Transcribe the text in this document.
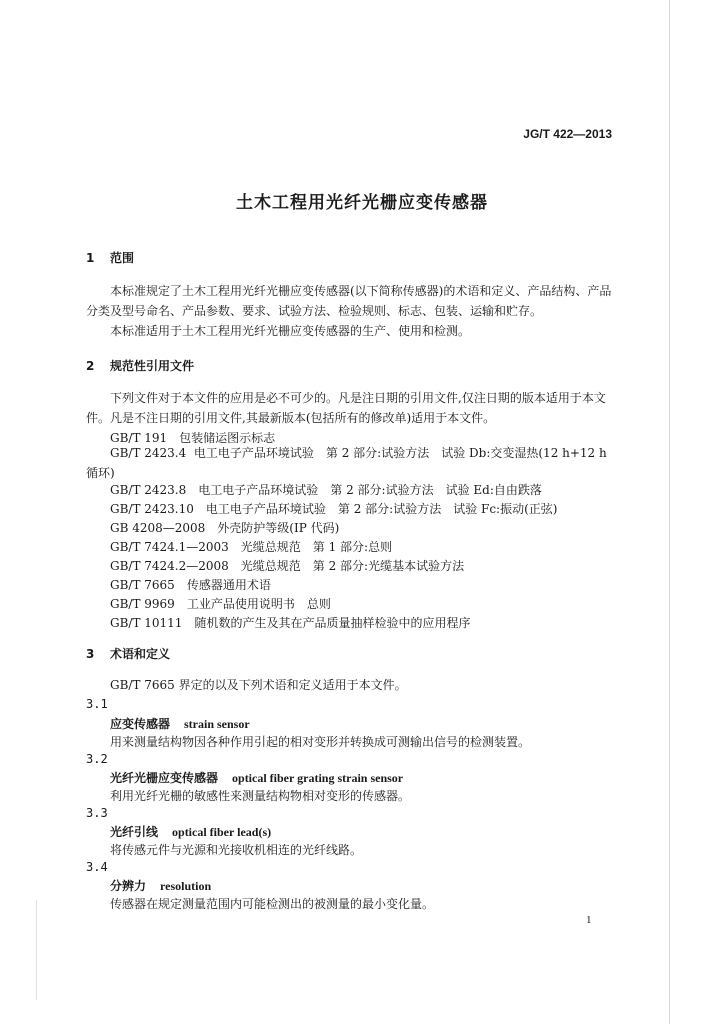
JG/T 422—2013
土木工程用光纤光栅应变传感器
1 范围
本标准规定了土木工程用光纤光栅应变传感器(以下简称传感器)的术语和定义、产品结构、产品分类及型号命名、产品参数、要求、试验方法、检验规则、标志、包装、运输和贮存。
本标准适用于土木工程用光纤光栅应变传感器的生产、使用和检测。
2 规范性引用文件
下列文件对于本文件的应用是必不可少的。凡是注日期的引用文件,仅注日期的版本适用于本文件。凡是不注日期的引用文件,其最新版本(包括所有的修改单)适用于本文件。
GB/T 191 包装储运图示标志
GB/T 2423.4 电工电子产品环境试验　第 2 部分:试验方法　试验 Db:交变湿热(12 h+12 h 循环)
GB/T 2423.8 电工电子产品环境试验　第 2 部分:试验方法　试验 Ed:自由跌落
GB/T 2423.10 电工电子产品环境试验　第 2 部分:试验方法　试验 Fc:振动(正弦)
GB 4208—2008 外壳防护等级(IP 代码)
GB/T 7424.1—2003 光缆总规范　第 1 部分:总则
GB/T 7424.2—2008 光缆总规范　第 2 部分:光缆基本试验方法
GB/T 7665 传感器通用术语
GB/T 9969 工业产品使用说明书　总则
GB/T 10111 随机数的产生及其在产品质量抽样检验中的应用程序
3 术语和定义
GB/T 7665 界定的以及下列术语和定义适用于本文件。
3.1
应变传感器 strain sensor
用来测量结构物因各种作用引起的相对变形并转换成可测输出信号的检测装置。
3.2
光纤光栅应变传感器 optical fiber grating strain sensor
利用光纤光栅的敏感性来测量结构物相对变形的传感器。
3.3
光纤引线 optical fiber lead(s)
将传感元件与光源和光接收机相连的光纤线路。
3.4
分辨力 resolution
传感器在规定测量范围内可能检测出的被测量的最小变化量。
1
